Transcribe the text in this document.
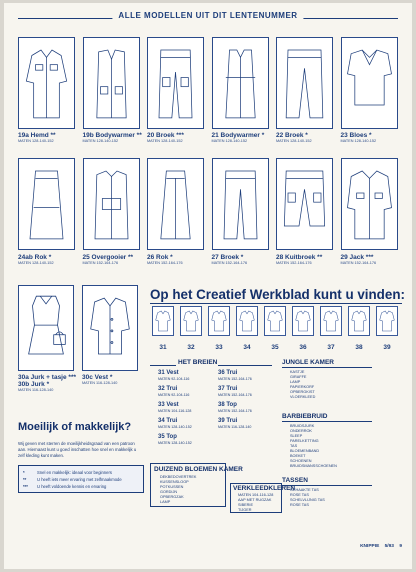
ALLE MODELLEN UIT DIT LENTENUMMER
30a Jurk + tasje ***
30b Jurk *
MATEN 116-128-140
30c Vest *
MATEN 116-128-140
Op het Creatief Werkblad kunt u vinden:
31	32	33	34	35	36	37	38	39
HET BREIEN	JUNGLE KAMER
KASTJE
GIRAFFE
LAMP
PAPIERKORF
OPBERGKIST
VLOERKLEED
BARBIEBRUID
BRUIDSJURK
ONDERROK
SLEEP
PARELKETTING
TAS
BLOEMENBAND
BOEKET
SCHOENEN
BRUIDSMANSSCHOENEN
DUIZEND BLOEMEN KAMER
DEKBEDOVERTREK
KUSSENSLOOP
POTKUSSEN
GORDIJN
OPBERGZAK
LAMP
VERKLEEDKLEREN
MATEN 104-116-128
AAP MET RUGZAK
SIBERIE
TIJGER
TASSEN
GEHAAKTE TAS
ROSE TAS
SCHELVLIJNIG TAS
ROSE TAS
Moeilijk of makkelijk?
Wij geven met sterren de moeilijkheidsgraad van een patroon aan. Hiernaast kunt u goed inschatten hoe snel en makkelijk u zelf kleding kunt maken.
*	Snel en makkelijk: ideaal voor beginners
**	U heeft iets meer ervaring met zelfmaakmode
*** U heeft voldoende kennis en ervaring
KNIPPIE 5/93 9
19a Hemd **
MATEN 128-140-152
19b Bodywarmer **
MATEN 128-140-152
20 Broek ***
MATEN 128-140-152
21 Bodywarmer *
MATEN 128-140-152
22 Broek *
MATEN 128-140-152
23 Bloes *
MATEN 128-140-152
24ab Rok *
MATEN 128-140-152
25 Overgooier **
MATEN 152-164-176
26 Rok *
MATEN 152-164-176
27 Broek *
MATEN 152-164-176
28 Kuitbroek **
MATEN 152-164-176
29 Jack ***
MATEN 152-164-176
31 Vest
MATEN 92-104-116
32 Trui
MATEN 92-104-116
33 Vest
MATEN 104-116-128
34 Trui
MATEN 128-140-152
35 Top
MATEN 128-140-152
36 Trui
MATEN 152-164-176
37 Trui
MATEN 152-164-176
38 Top
MATEN 152-164-176
39 Trui
MATEN 116-128-140
